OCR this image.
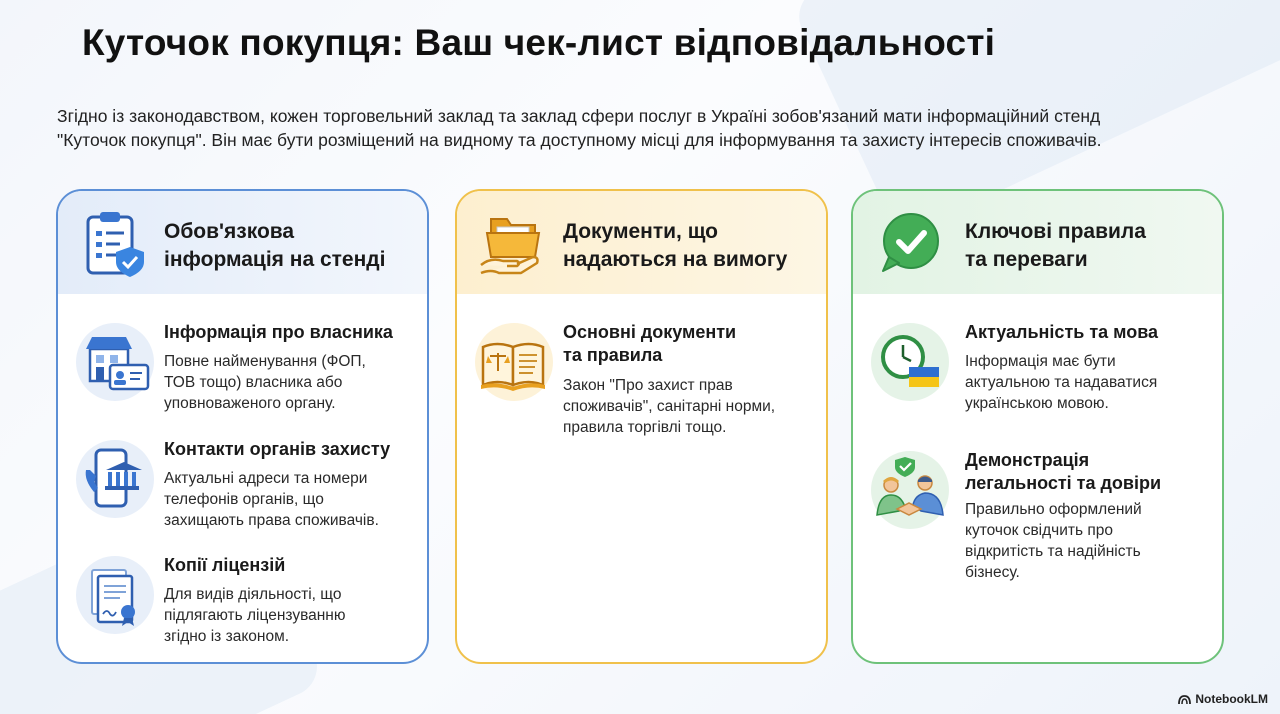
Куточок покупця: Ваш чек-лист відповідальності
Згідно із законодавством, кожен торговельний заклад та заклад сфери послуг в Україні зобов'язаний мати інформаційний стенд
"Куточок покупця". Він має бути розміщений на видному та доступному місці для інформування та захисту інтересів споживачів.
Обов'язкова
інформація на стенді
Інформація про власника
Повне найменування (ФОП,
ТОВ тощо) власника або
уповноваженого органу.
Контакти органів захисту
Актуальні адреси та номери
телефонів органів, що
захищають права споживачів.
Копії ліцензій
Для видів діяльності, що
підлягають ліцензуванню
згідно із законом.
Документи, що
надаються на вимогу
Основні документи
та правила
Закон "Про захист прав
споживачів", санітарні норми,
правила торгівлі тощо.
Ключові правила
та переваги
Актуальність та мова
Інформація має бути
актуальною та надаватися
українською мовою.
Демонстрація
легальності та довіри
Правильно оформлений
куточок свідчить про
відкритість та надійність
бізнесу.
NotebookLM
